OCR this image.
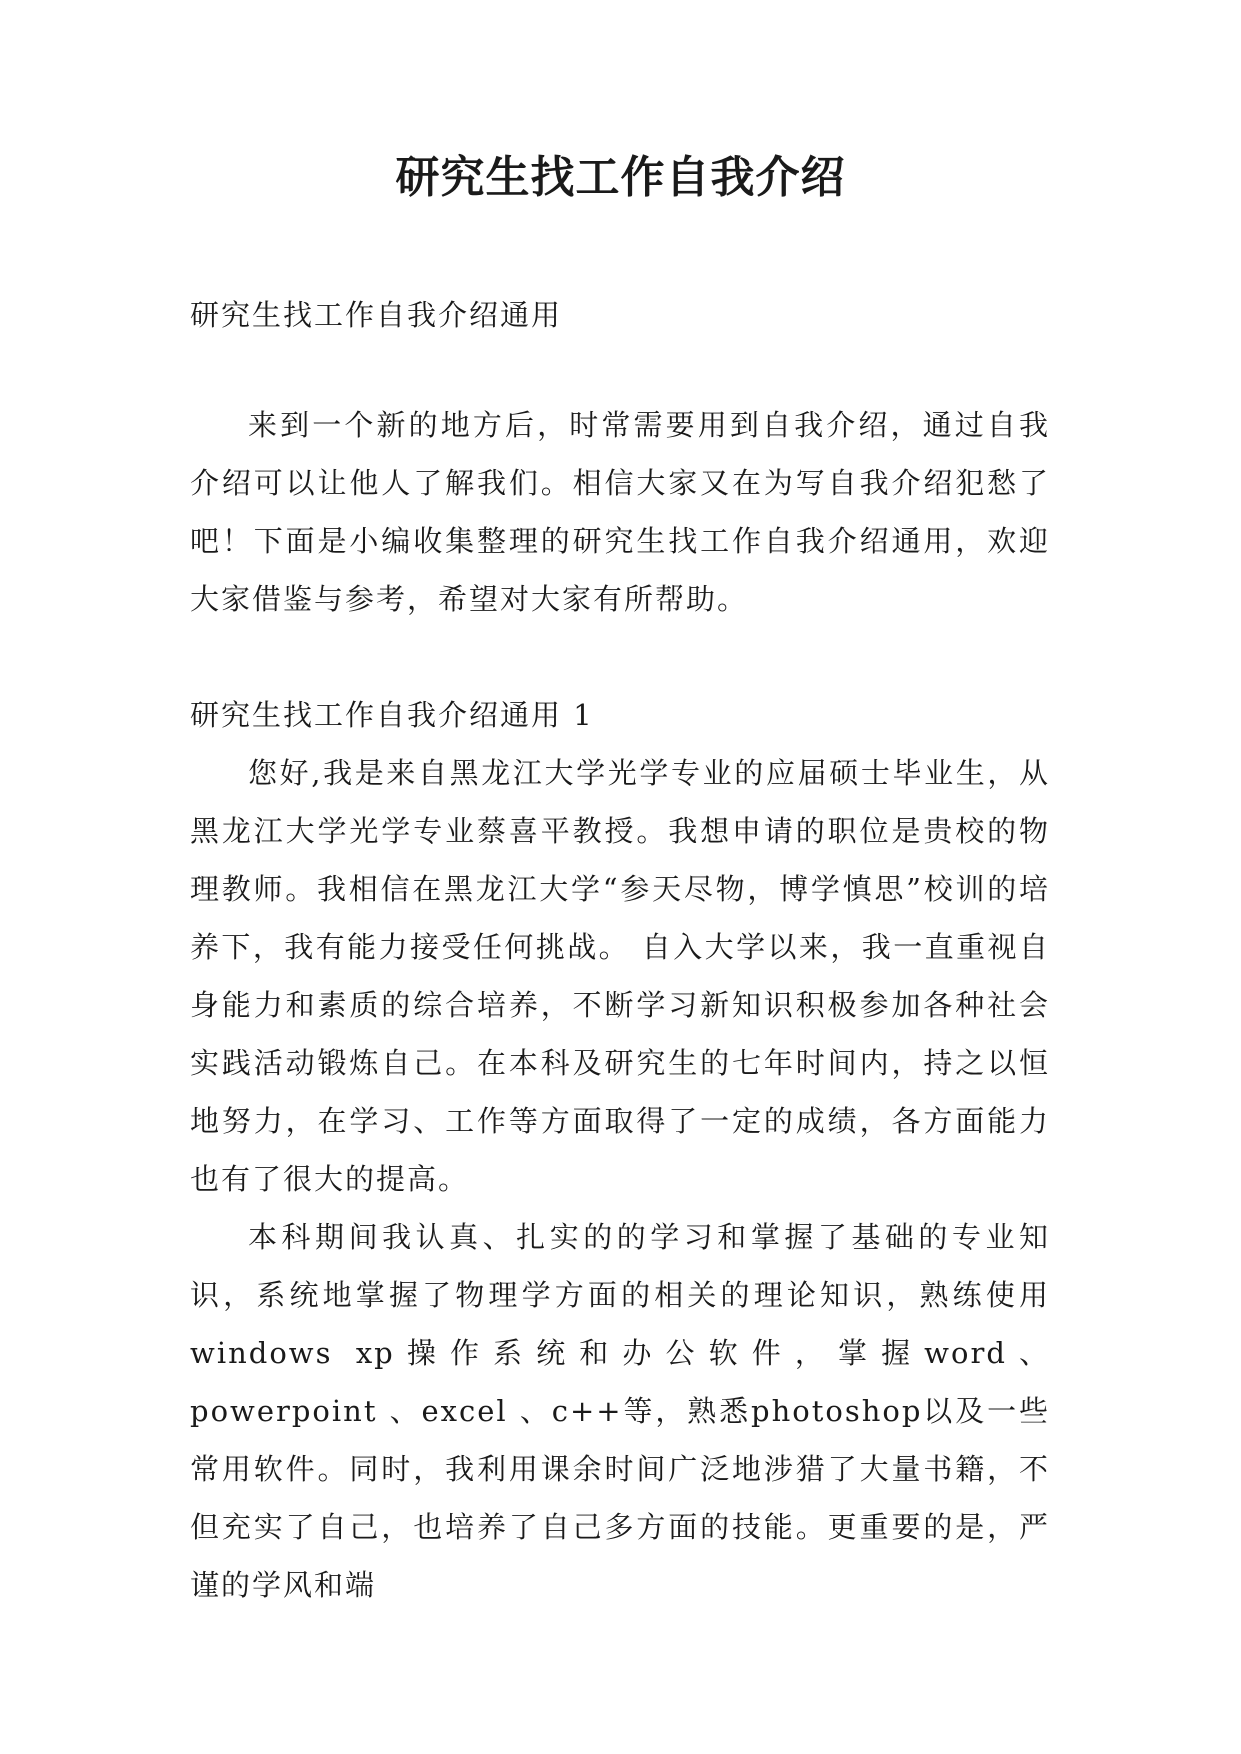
研究生找工作自我介绍

研究生找工作自我介绍通用

来到一个新的地方后，时常需要用到自我介绍，通过自我介绍可以让他人了解我们。相信大家又在为写自我介绍犯愁了吧！下面是小编收集整理的研究生找工作自我介绍通用，欢迎大家借鉴与参考，希望对大家有所帮助。

研究生找工作自我介绍通用 1

您好,我是来自黑龙江大学光学专业的应届硕士毕业生，从黑龙江大学光学专业蔡喜平教授。我想申请的职位是贵校的物理教师。我相信在黑龙江大学“参天尽物，博学慎思”校训的培养下，我有能力接受任何挑战。 自入大学以来，我一直重视自身能力和素质的综合培养，不断学习新知识积极参加各种社会实践活动锻炼自己。在本科及研究生的七年时间内，持之以恒地努力，在学习、工作等方面取得了一定的成绩，各方面能力也有了很大的提高。

本科期间我认真、扎实的的学习和掌握了基础的专业知识，系统地掌握了物理学方面的相关的理论知识，熟练使用windows xp操作系统和办公软件，掌握word、powerpoint 、excel 、c++等，熟悉photoshop以及一些常用软件。同时，我利用课余时间广泛地涉猎了大量书籍，不但充实了自己，也培养了自己多方面的技能。更重要的是，严谨的学风和端
